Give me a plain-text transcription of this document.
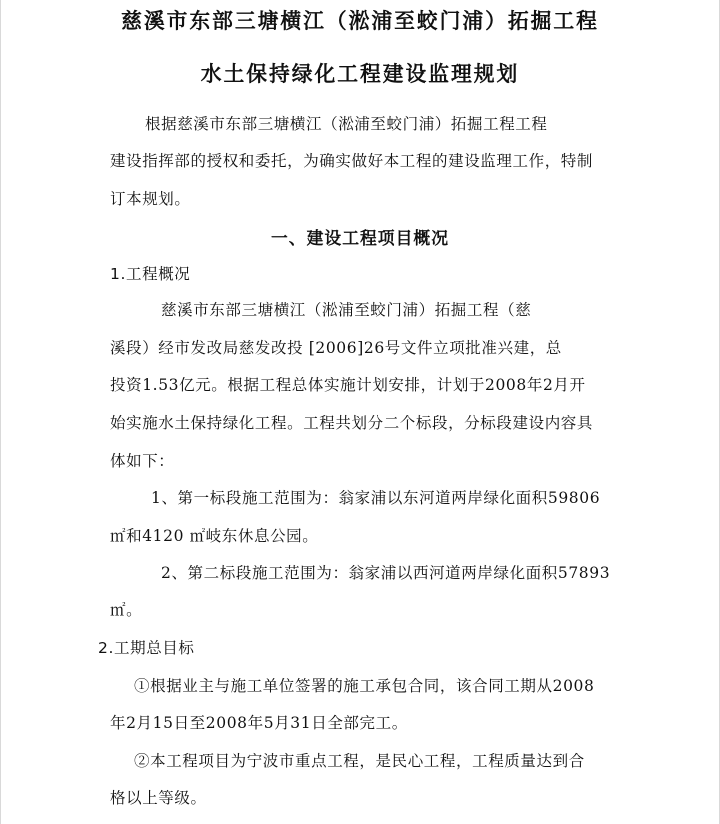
慈溪市东部三塘横江（淞浦至蛟门浦）拓掘工程
水土保持绿化工程建设监理规划
根据慈溪市东部三塘横江（淞浦至蛟门浦）拓掘工程工程
建设指挥部的授权和委托，为确实做好本工程的建设监理工作，特制
订本规划。
一、建设工程项目概况
1.工程概况
慈溪市东部三塘横江（淞浦至蛟门浦）拓掘工程（慈
溪段）经市发改局慈发改投 [2006]26号文件立项批准兴建，总
投资1.53亿元。根据工程总体实施计划安排，计划于2008年2月开
始实施水土保持绿化工程。工程共划分二个标段，分标段建设内容具
体如下：
1、第一标段施工范围为：翁家浦以东河道两岸绿化面积59806
㎡和4120 ㎡岐东休息公园。
2、第二标段施工范围为：翁家浦以西河道两岸绿化面积57893
㎡。
2.工期总目标
①根据业主与施工单位签署的施工承包合同，该合同工期从2008
年2月15日至2008年5月31日全部完工。
②本工程项目为宁波市重点工程，是民心工程，工程质量达到合
格以上等级。
